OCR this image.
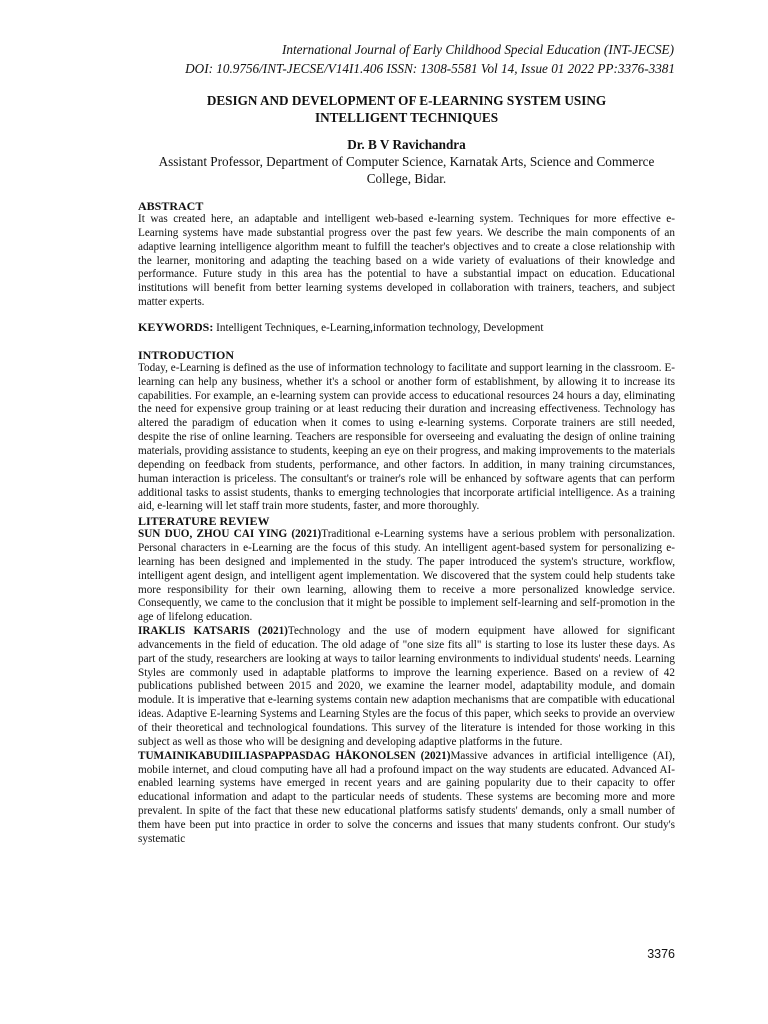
International Journal of Early Childhood Special Education (INT-JECSE)
DOI: 10.9756/INT-JECSE/V14I1.406 ISSN: 1308-5581 Vol 14, Issue 01 2022 PP:3376-3381
DESIGN AND DEVELOPMENT OF E-LEARNING SYSTEM USING
INTELLIGENT TECHNIQUES
Dr. B V Ravichandra
Assistant Professor, Department of Computer Science, Karnatak Arts, Science and Commerce College, Bidar.
ABSTRACT

It was created here, an adaptable and intelligent web-based e-learning system. Techniques for more effective e-Learning systems have made substantial progress over the past few years. We describe the main components of an adaptive learning intelligence algorithm meant to fulfill the teacher's objectives and to create a close relationship with the learner, monitoring and adapting the teaching based on a wide variety of evaluations of their knowledge and performance. Future study in this area has the potential to have a substantial impact on education. Educational institutions will benefit from better learning systems developed in collaboration with trainers, teachers, and subject matter experts.

KEYWORDS: Intelligent Techniques, e-Learning,information technology, Development
INTRODUCTION

Today, e-Learning is defined as the use of information technology to facilitate and support learning in the classroom. E-learning can help any business, whether it's a school or another form of establishment, by allowing it to increase its capabilities. For example, an e-learning system can provide access to educational resources 24 hours a day, eliminating the need for expensive group training or at least reducing their duration and increasing effectiveness. Technology has altered the paradigm of education when it comes to using e-learning systems. Corporate trainers are still needed, despite the rise of online learning. Teachers are responsible for overseeing and evaluating the design of online training materials, providing assistance to students, keeping an eye on their progress, and making improvements to the materials depending on feedback from students, performance, and other factors. In addition, in many training circumstances, human interaction is priceless. The consultant's or trainer's role will be enhanced by software agents that can perform additional tasks to assist students, thanks to emerging technologies that incorporate artificial intelligence. As a training aid, e-learning will let staff train more students, faster, and more thoroughly.

LITERATURE REVIEW

SUN DUO, ZHOU CAI YING (2021)Traditional e-Learning systems have a serious problem with personalization. Personal characters in e-Learning are the focus of this study. An intelligent agent-based system for personalizing e-learning has been designed and implemented in the study. The paper introduced the system's structure, workflow, intelligent agent design, and intelligent agent implementation. We discovered that the system could help students take more responsibility for their own learning, allowing them to receive a more personalized knowledge service. Consequently, we came to the conclusion that it might be possible to implement self-learning and self-promotion in the age of lifelong education.

IRAKLIS KATSARIS (2021)Technology and the use of modern equipment have allowed for significant advancements in the field of education. The old adage of "one size fits all" is starting to lose its luster these days. As part of the study, researchers are looking at ways to tailor learning environments to individual students' needs. Learning Styles are commonly used in adaptable platforms to improve the learning experience. Based on a review of 42 publications published between 2015 and 2020, we examine the learner model, adaptability module, and domain module. It is imperative that e-learning systems contain new adaption mechanisms that are compatible with educational ideas. Adaptive E-learning Systems and Learning Styles are the focus of this paper, which seeks to provide an overview of their theoretical and technological foundations. This survey of the literature is intended for those working in this subject as well as those who will be designing and developing adaptive platforms in the future.

TUMAINIKABUDIILIASPAPPASDAG HÅKONOLSEN (2021)Massive advances in artificial intelligence (AI), mobile internet, and cloud computing have all had a profound impact on the way students are educated. Advanced AI-enabled learning systems have emerged in recent years and are gaining popularity due to their capacity to offer educational information and adapt to the particular needs of students. These systems are becoming more and more prevalent. In spite of the fact that these new educational platforms satisfy students' demands, only a small number of them have been put into practice in order to solve the concerns and issues that many students confront. Our study's systematic

3376
